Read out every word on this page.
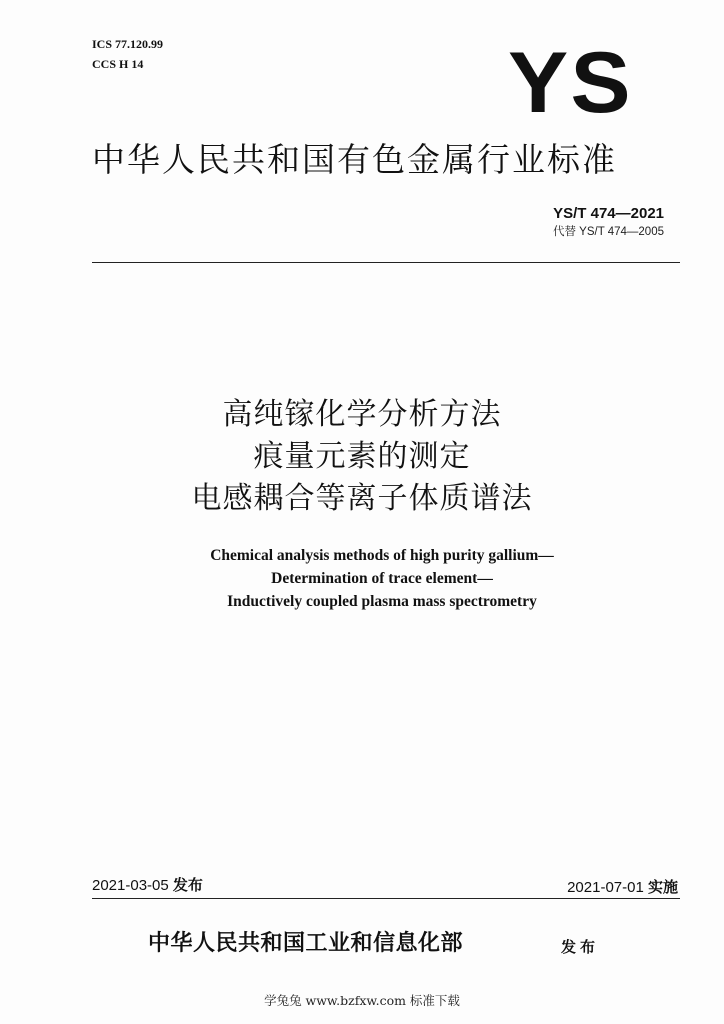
ICS 77.120.99
CCS H 14	YS
中华人民共和国有色金属行业标准
YS/T 474—2021
代替 YS/T 474—2005
高纯镓化学分析方法
痕量元素的测定
电感耦合等离子体质谱法
Chemical analysis methods of high purity gallium—
Determination of trace element—
Inductively coupled plasma mass spectrometry
2021-03-05 发布	2021-07-01 实施
中华人民共和国工业和信息化部	发布
学兔兔 www.bzfxw.com 标准下载
